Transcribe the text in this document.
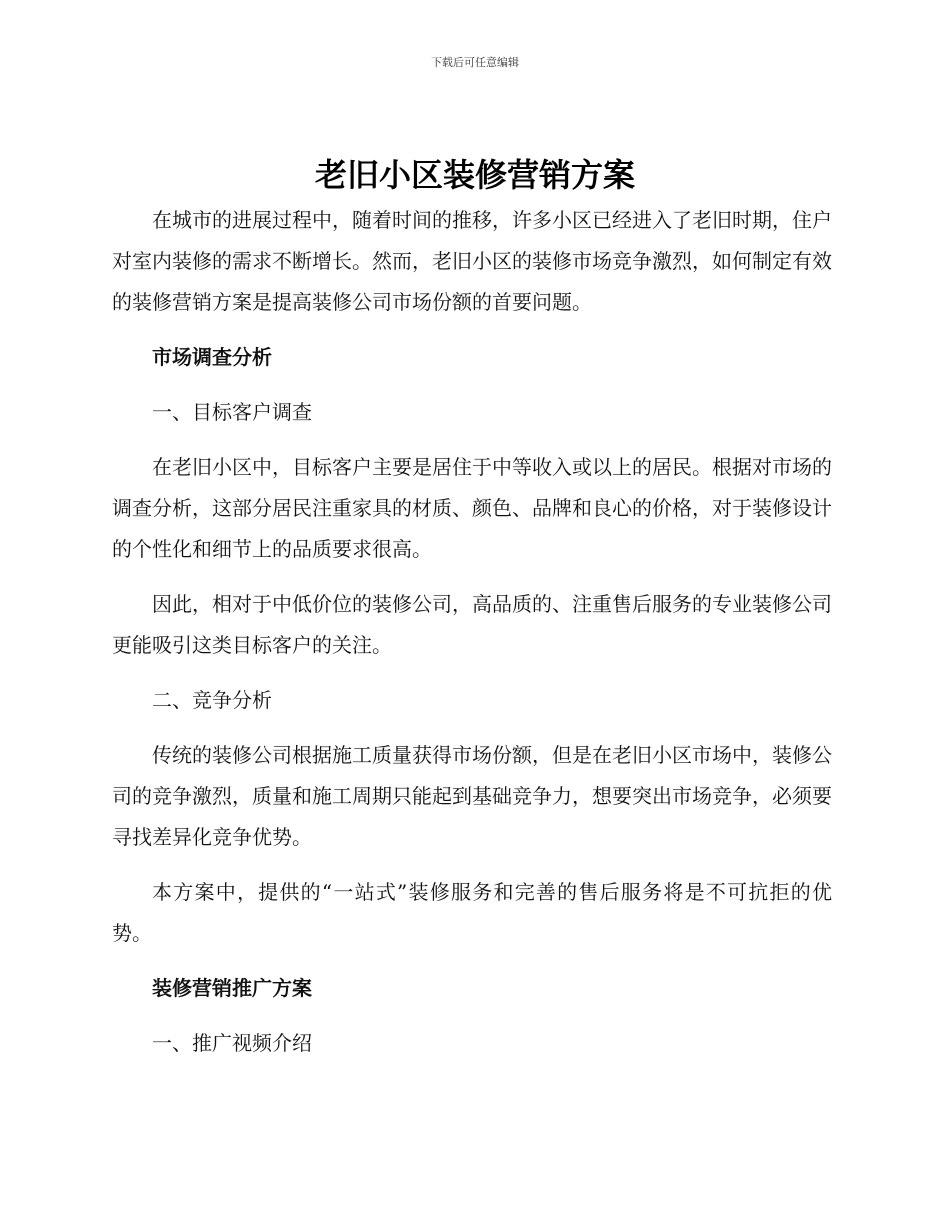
下载后可任意编辑
老旧小区装修营销方案

在城市的进展过程中，随着时间的推移，许多小区已经进入了老旧时期，住户对室内装修的需求不断增长。然而，老旧小区的装修市场竞争激烈，如何制定有效的装修营销方案是提高装修公司市场份额的首要问题。

市场调查分析

一、目标客户调查

在老旧小区中，目标客户主要是居住于中等收入或以上的居民。根据对市场的调查分析，这部分居民注重家具的材质、颜色、品牌和良心的价格，对于装修设计的个性化和细节上的品质要求很高。

因此，相对于中低价位的装修公司，高品质的、注重售后服务的专业装修公司更能吸引这类目标客户的关注。

二、竞争分析

传统的装修公司根据施工质量获得市场份额，但是在老旧小区市场中，装修公司的竞争激烈，质量和施工周期只能起到基础竞争力，想要突出市场竞争，必须要寻找差异化竞争优势。

本方案中，提供的“一站式”装修服务和完善的售后服务将是不可抗拒的优势。

装修营销推广方案

一、推广视频介绍
